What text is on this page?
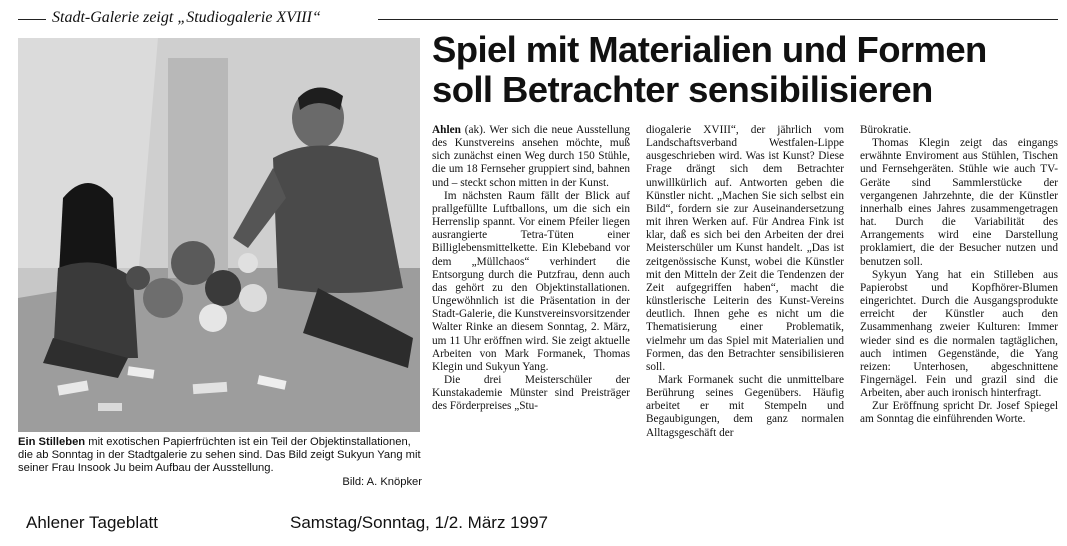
Stadt-Galerie zeigt „Studiogalerie XVIII“
Spiel mit Materialien und Formen
soll Betrachter sensibilisieren
Ein Stilleben mit exotischen Papierfrüchten ist ein Teil der Objektinstallationen, die ab Sonntag in der Stadtgalerie zu sehen sind. Das Bild zeigt Sukyun Yang mit seiner Frau Insook Ju beim Aufbau der Ausstellung.
Bild: A. Knöpker

Ahlen (ak). Wer sich die neue Ausstellung des Kunstvereins ansehen möchte, muß sich zunächst einen Weg durch 150 Stühle, die um 18 Fernseher gruppiert sind, bahnen und – steckt schon mitten in der Kunst.

Im nächsten Raum fällt der Blick auf prallgefüllte Luftballons, um die sich ein Herrenslip spannt. Vor einem Pfeiler liegen ausrangierte Tetra-Tüten einer Billiglebensmittelkette. Ein Klebeband vor dem „Müllchaos“ verhindert die Entsorgung durch die Putzfrau, denn auch das gehört zu den Objektinstallationen. Ungewöhnlich ist die Präsentation in der Stadt-Galerie, die Kunstvereinsvorsitzender Walter Rinke an diesem Sonntag, 2. März, um 11 Uhr eröffnen wird. Sie zeigt aktuelle Arbeiten von Mark Formanek, Thomas Klegin und Sukyun Yang.

Die drei Meisterschüler der Kunstakademie Münster sind Preisträger des Förderpreises „Stu-

diogalerie XVIII“, der jährlich vom Landschaftsverband Westfalen-Lippe ausgeschrieben wird. Was ist Kunst? Diese Frage drängt sich dem Betrachter unwillkürlich auf. Antworten geben die Künstler nicht. „Machen Sie sich selbst ein Bild“, fordern sie zur Auseinandersetzung mit ihren Werken auf. Für Andrea Fink ist klar, daß es sich bei den Arbeiten der drei Meisterschüler um Kunst handelt. „Das ist zeitgenössische Kunst, wobei die Künstler mit den Mitteln der Zeit die Tendenzen der Zeit aufgegriffen haben“, macht die künstlerische Leiterin des Kunst-Vereins deutlich. Ihnen gehe es nicht um die Thematisierung einer Problematik, vielmehr um das Spiel mit Materialien und Formen, das den Betrachter sensibilisieren soll.

Mark Formanek sucht die unmittelbare Berührung seines Gegenübers. Häufig arbeitet er mit Stempeln und Begaubigungen, dem ganz normalen Alltagsgeschäft der

Bürokratie.

Thomas Klegin zeigt das eingangs erwähnte Enviroment aus Stühlen, Tischen und Fernsehgeräten. Stühle wie auch TV-Geräte sind Sammlerstücke der vergangenen Jahrzehnte, die der Künstler innerhalb eines Jahres zusammengetragen hat. Durch die Variabilität des Arrangements wird eine Darstellung proklamiert, die der Besucher nutzen und benutzen soll.

Sykyun Yang hat ein Stilleben aus Papierobst und Kopfhörer-Blumen eingerichtet. Durch die Ausgangsprodukte erreicht der Künstler auch den Zusammenhang zweier Kulturen: Immer wieder sind es die normalen tagtäglichen, auch intimen Gegenstände, die Yang reizen: Unterhosen, abgeschnittene Fingernägel. Fein und grazil sind die Arbeiten, aber auch ironisch hinterfragt.

Zur Eröffnung spricht Dr. Josef Spiegel am Sonntag die einführenden Worte.

Ahlener Tageblatt	Samstag/Sonntag, 1/2. März 1997
